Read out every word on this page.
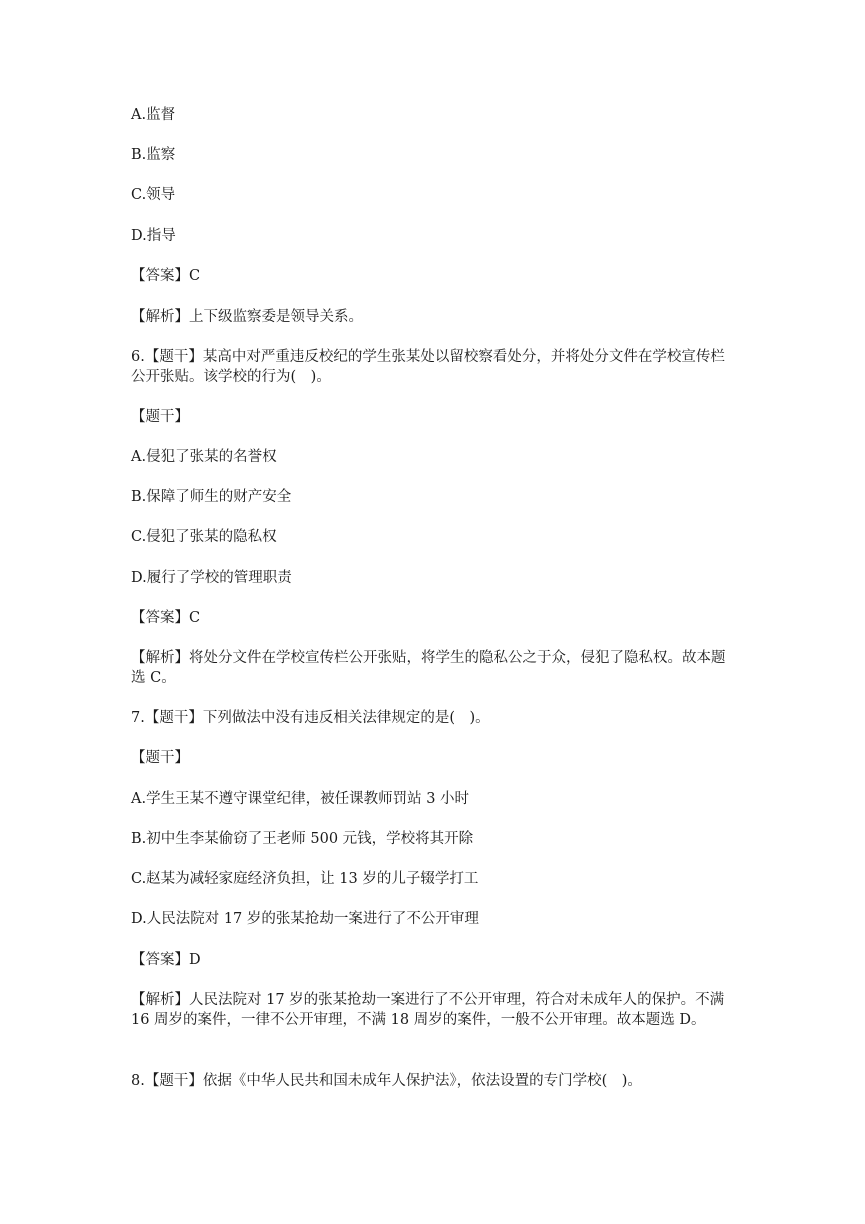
A.监督

B.监察

C.领导

D.指导

【答案】C

【解析】上下级监察委是领导关系。

6.【题干】某高中对严重违反校纪的学生张某处以留校察看处分，并将处分文件在学校宣传栏公开张贴。该学校的行为(　)。

【题干】

A.侵犯了张某的名誉权

B.保障了师生的财产安全

C.侵犯了张某的隐私权

D.履行了学校的管理职责

【答案】C

【解析】将处分文件在学校宣传栏公开张贴，将学生的隐私公之于众，侵犯了隐私权。故本题选 C。

7.【题干】下列做法中没有违反相关法律规定的是(　)。

【题干】

A.学生王某不遵守课堂纪律，被任课教师罚站 3 小时

B.初中生李某偷窃了王老师 500 元钱，学校将其开除

C.赵某为减轻家庭经济负担，让 13 岁的儿子辍学打工

D.人民法院对 17 岁的张某抢劫一案进行了不公开审理

【答案】D

【解析】人民法院对 17 岁的张某抢劫一案进行了不公开审理，符合对未成年人的保护。不满 16 周岁的案件，一律不公开审理，不满 18 周岁的案件，一般不公开审理。故本题选 D。

8.【题干】依据《中华人民共和国未成年人保护法》，依法设置的专门学校(　)。
